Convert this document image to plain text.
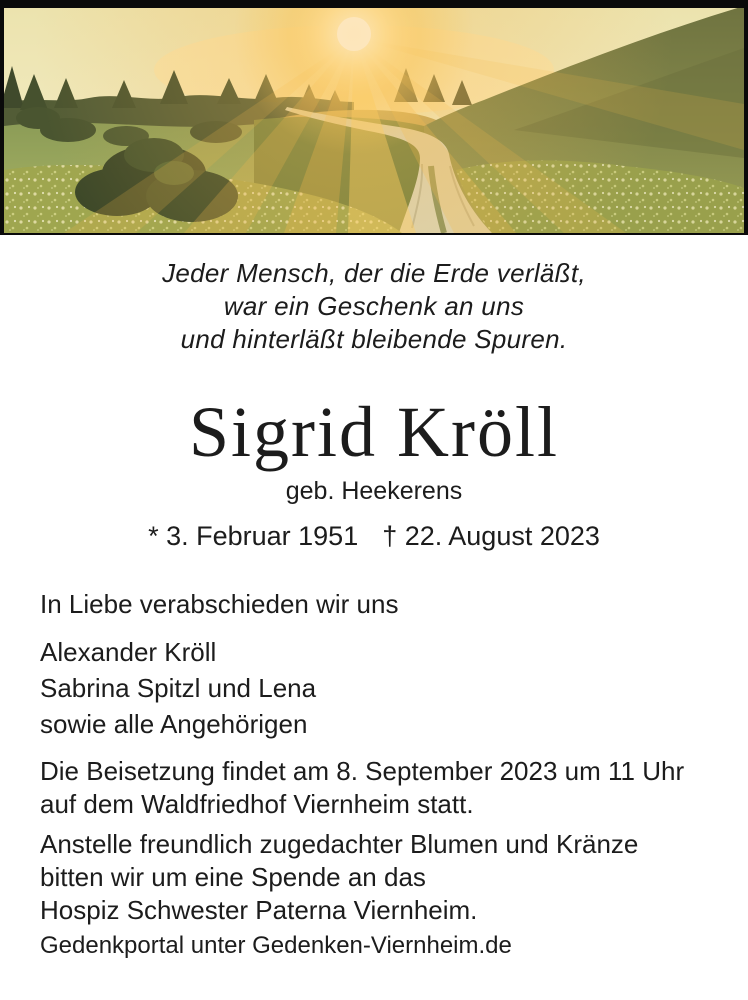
Jeder Mensch, der die Erde verläßt,
war ein Geschenk an uns
und hinterläßt bleibende Spuren.
Sigrid Kröll
geb. Heekerens
* 3. Februar 1951 † 22. August 2023
In Liebe verabschieden wir uns
Alexander Kröll
Sabrina Spitzl und Lena
sowie alle Angehörigen
Die Beisetzung findet am 8. September 2023 um 11 Uhr
auf dem Waldfriedhof Viernheim statt.
Anstelle freundlich zugedachter Blumen und Kränze
bitten wir um eine Spende an das
Hospiz Schwester Paterna Viernheim.
Gedenkportal unter Gedenken-Viernheim.de
